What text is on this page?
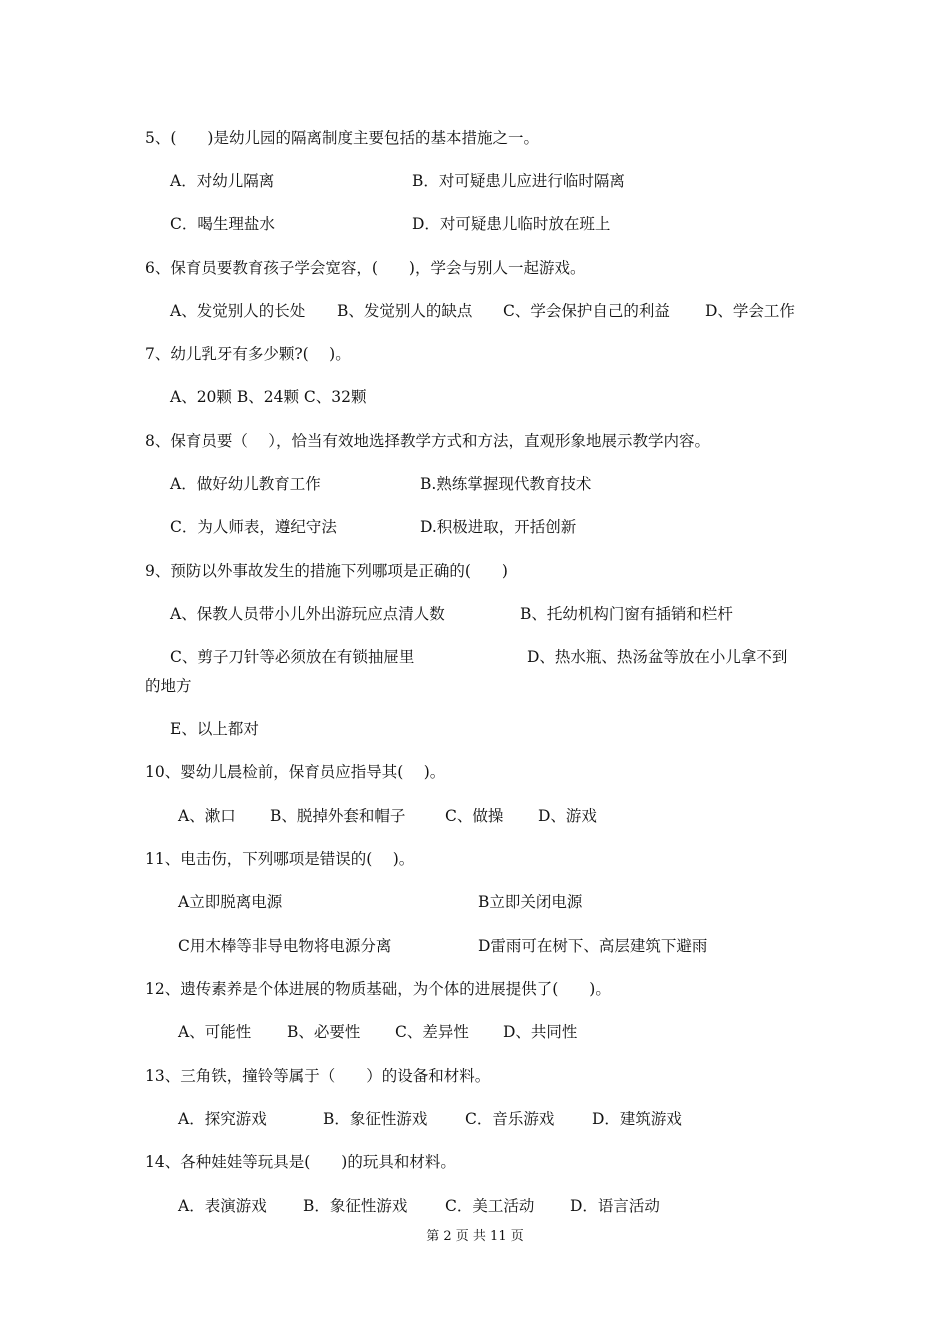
5、(　　)是幼儿园的隔离制度主要包括的基本措施之一。
A．对幼儿隔离	B．对可疑患儿应进行临时隔离
C．喝生理盐水	D．对可疑患儿临时放在班上
6、保育员要教育孩子学会宽容，(　　)，学会与别人一起游戏。
A、发觉别人的长处 B、发觉别人的缺点 C、学会保护自己的利益 D、学会工作
7、幼儿乳牙有多少颗?(　 )。
A、20颗 B、24颗 C、32颗
8、保育员要（　 ），恰当有效地选择教学方式和方法，直观形象地展示教学内容。
A．做好幼儿教育工作	B.熟练掌握现代教育技术
C．为人师表，遵纪守法	D.积极进取，开括创新
9、预防以外事故发生的措施下列哪项是正确的(　　)
A、保教人员带小儿外出游玩应点清人数	B、托幼机构门窗有插销和栏杆
C、剪子刀针等必须放在有锁抽屉里	D、热水瓶、热汤盆等放在小儿拿不到
的地方
E、以上都对
10、婴幼儿晨检前，保育员应指导其(　 )。
A、漱口 B、脱掉外套和帽子	C、做操 D、游戏
11、电击伤，下列哪项是错误的(　 )。
A立即脱离电源	B立即关闭电源
C用木棒等非导电物将电源分离	D雷雨可在树下、高层建筑下避雨
12、遗传素养是个体进展的物质基础，为个体的进展提供了(　　)。
A、可能性 B、必要性 C、差异性 D、共同性
13、三角铁，撞铃等属于（　　）的设备和材料。
A．探究游戏	B．象征性游戏 C．音乐游戏 D．建筑游戏
14、各种娃娃等玩具是(　　)的玩具和材料。
A．表演游戏 B．象征性游戏 C．美工活动 D．语言活动
第 2 页 共 11 页
